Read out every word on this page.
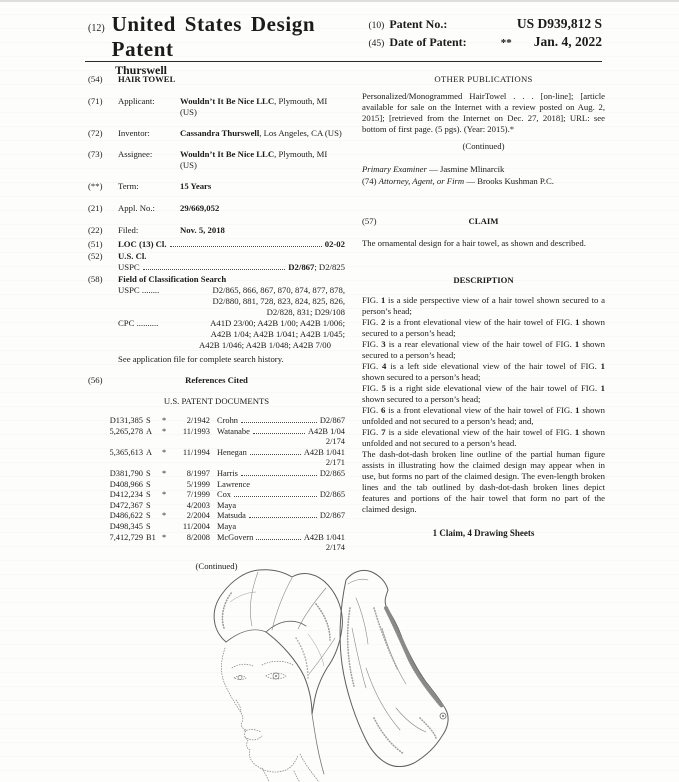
(12) United States Design Patent
Thurswell
(10) Patent No.:	US D939,812 S
(45) Date of Patent:	** Jan. 4, 2022
(54)	HAIR TOWEL
(71)	Applicant:	Wouldn’t It Be Nice LLC, Plymouth, MI (US)
(72)	Inventor:	Cassandra Thurswell, Los Angeles, CA (US)
(73)	Assignee:	Wouldn’t It Be Nice LLC, Plymouth, MI (US)
(**)	Term:	15 Years
(21)	Appl. No.:	29/669,052
(22)	Filed:	Nov. 5, 2018
(51)	LOC (13) Cl.	02-02
(52)	U.S. Cl.
USPC	D2/867; D2/825
(58)	Field of Classification Search
USPC ........	D2/865, 866, 867, 870, 874, 877, 878,
D2/880, 881, 728, 823, 824, 825, 826,
D2/828, 831; D29/108
CPC ..........	A41D 23/00; A42B 1/00; A42B 1/006;
A42B 1/04; A42B 1/041; A42B 1/045;
A42B 1/046; A42B 1/048; A42B 7/00
See application file for complete search history.
(56)	References Cited
U.S. PATENT DOCUMENTS
D131,385 S	*	2/1942 Crohn	D2/867
5,265,278 A	*	11/1993 Watanabe	A42B 1/04
2/174
5,365,613 A	*	11/1994 Henegan	A42B 1/041
2/171
D381,790 S	*	8/1997 Harris	D2/865
D408,966 S	5/1999 Lawrence
D412,234 S	*	7/1999 Cox	D2/865
D472,367 S	4/2003 Maya
D486,622 S	*	2/2004 Matsuda	D2/867
D498,345 S	11/2004 Maya
7,412,729 B1 *	8/2008 McGovern	A42B 1/041
2/174
(Continued)
OTHER PUBLICATIONS
Personalized/Monogrammed HairTowel . . . [on-line]; [article available for sale on the Internet with a review posted on Aug. 2, 2015]; [retrieved from the Internet on Dec. 27, 2018]; URL: see bottom of first page. (5 pgs). (Year: 2015).*
(Continued)
Primary Examiner — Jasmine Mlinarcik
(74) Attorney, Agent, or Firm — Brooks Kushman P.C.
(57)	CLAIM
The ornamental design for a hair towel, as shown and described.
DESCRIPTION
FIG. 1 is a side perspective view of a hair towel shown secured to a person’s head;
FIG. 2 is a front elevational view of the hair towel of FIG. 1 shown secured to a person’s head;
FIG. 3 is a rear elevational view of the hair towel of FIG. 1 shown secured to a person’s head;
FIG. 4 is a left side elevational view of the hair towel of FIG. 1 shown secured to a person’s head;
FIG. 5 is a right side elevational view of the hair towel of FIG. 1 shown secured to a person’s head;
FIG. 6 is a front elevational view of the hair towel of FIG. 1 shown unfolded and not secured to a person’s head; and,
FIG. 7 is a side elevational view of the hair towel of FIG. 1 shown unfolded and not secured to a person’s head.
The dash-dot-dash broken line outline of the partial human figure assists in illustrating how the claimed design may appear when in use, but forms no part of the claimed design. The even-length broken lines and the tab outlined by dash-dot-dash broken lines depict features and portions of the hair towel that form no part of the claimed design.
1 Claim, 4 Drawing Sheets
